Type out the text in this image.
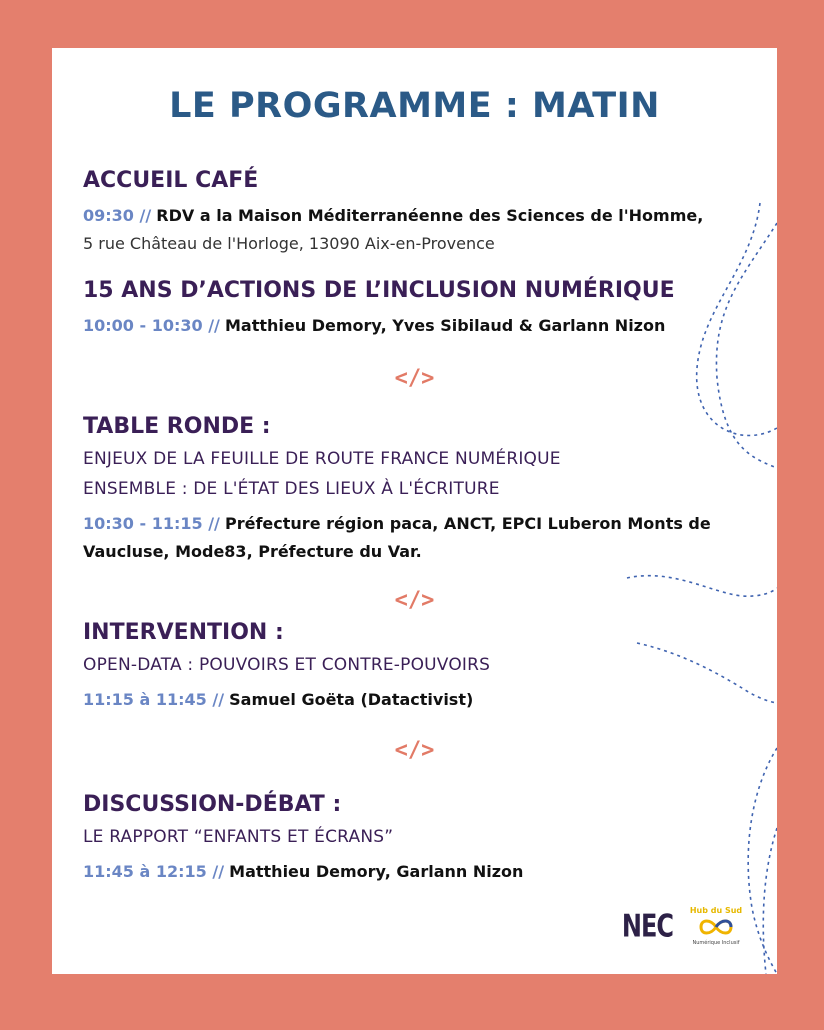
LE PROGRAMME : MATIN
ACCUEIL CAFÉ
09:30 // RDV a la Maison Méditerranéenne des Sciences de l'Homme,
5 rue Château de l'Horloge, 13090 Aix-en-Provence
15 ANS D’ACTIONS DE L’INCLUSION NUMÉRIQUE
10:00 - 10:30 // Matthieu Demory, Yves Sibilaud & Garlann Nizon
</>
TABLE RONDE :
ENJEUX DE LA FEUILLE DE ROUTE FRANCE NUMÉRIQUE
ENSEMBLE : DE L'ÉTAT DES LIEUX À L'ÉCRITURE
10:30 - 11:15 // Préfecture région paca, ANCT, EPCI Luberon Monts de
Vaucluse, Mode83, Préfecture du Var.
</>
INTERVENTION :
OPEN-DATA : POUVOIRS ET CONTRE-POUVOIRS
11:15 à 11:45 // Samuel Goëta (Datactivist)
</>
DISCUSSION-DÉBAT :
LE RAPPORT “ENFANTS ET ÉCRANS”
11:45 à 12:15 // Matthieu Demory, Garlann Nizon
NEC	Hub du Sud
Numérique Inclusif
